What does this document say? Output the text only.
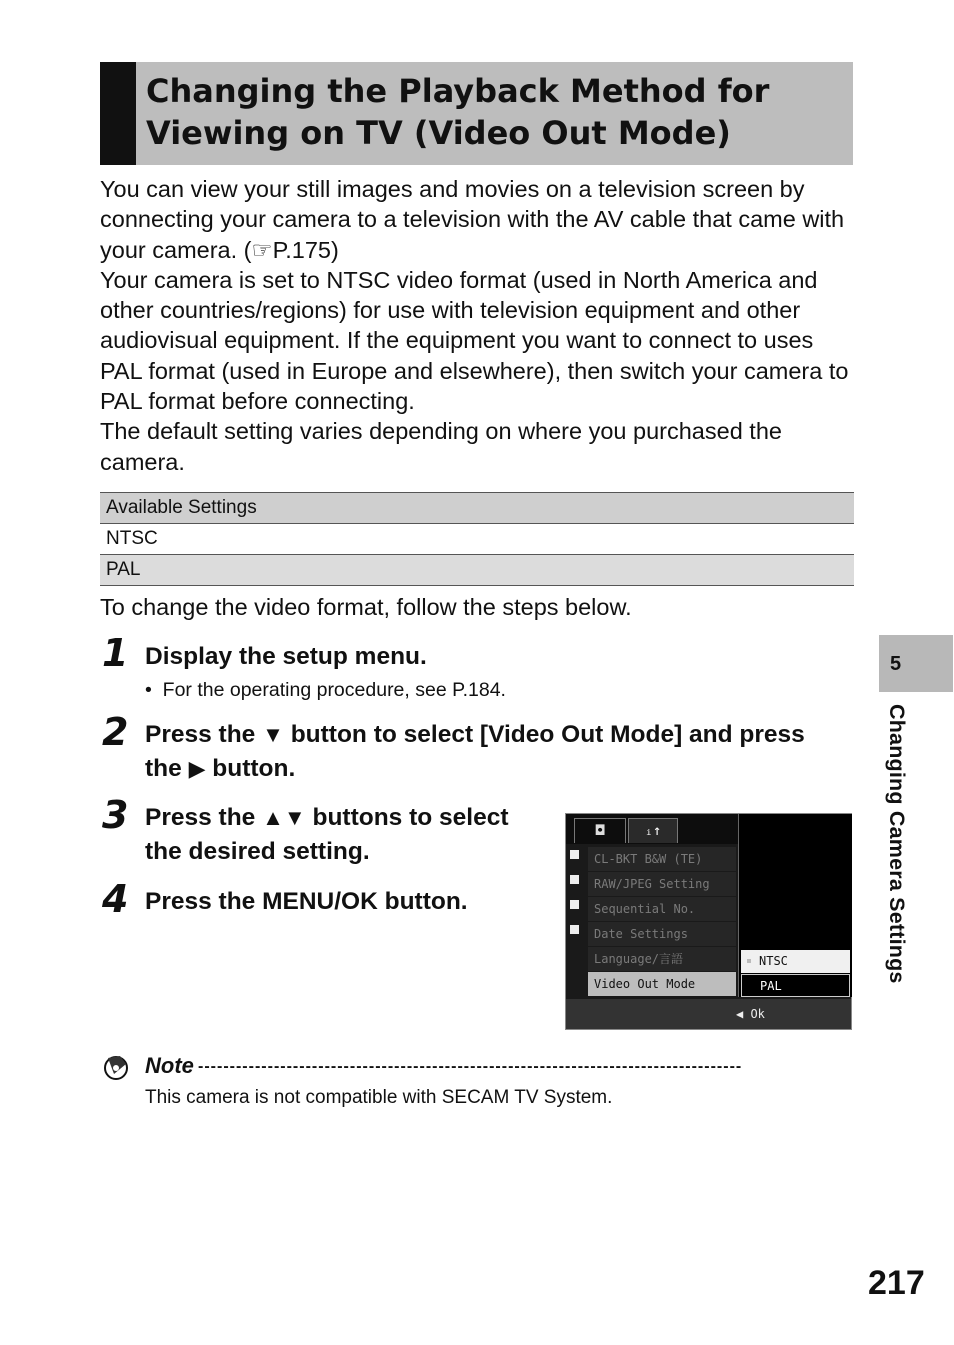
Changing the Playback Method for
Viewing on TV (Video Out Mode)

You can view your still images and movies on a television screen by connecting your camera to a television with the AV cable that came with your camera. (☞P.175)

Your camera is set to NTSC video format (used in North America and other countries/regions) for use with television equipment and other audiovisual equipment. If the equipment you want to connect to uses PAL format (used in Europe and elsewhere), then switch your camera to PAL format before connecting.

The default setting varies depending on where you purchased the camera.

Available Settings
NTSC
PAL
To change the video format, follow the steps below.
1 Display the setup menu.
•  For the operating procedure, see P.184.
2 Press the ▼ button to select [Video Out Mode] and press the ▶ button.
3 Press the ▲▼ buttons to select the desired setting.
4 Press the MENU/OK button.
◘	ᵢ↑
CL-BKT B&W (TE)
RAW/JPEG Setting
Sequential No.
Date Settings
Language/言語
Video Out Mode
NTSC
PAL
◀ Ok
Note --------------------------------------------------------------------------------------
This camera is not compatible with SECAM TV System.
5
Changing Camera Settings
217
